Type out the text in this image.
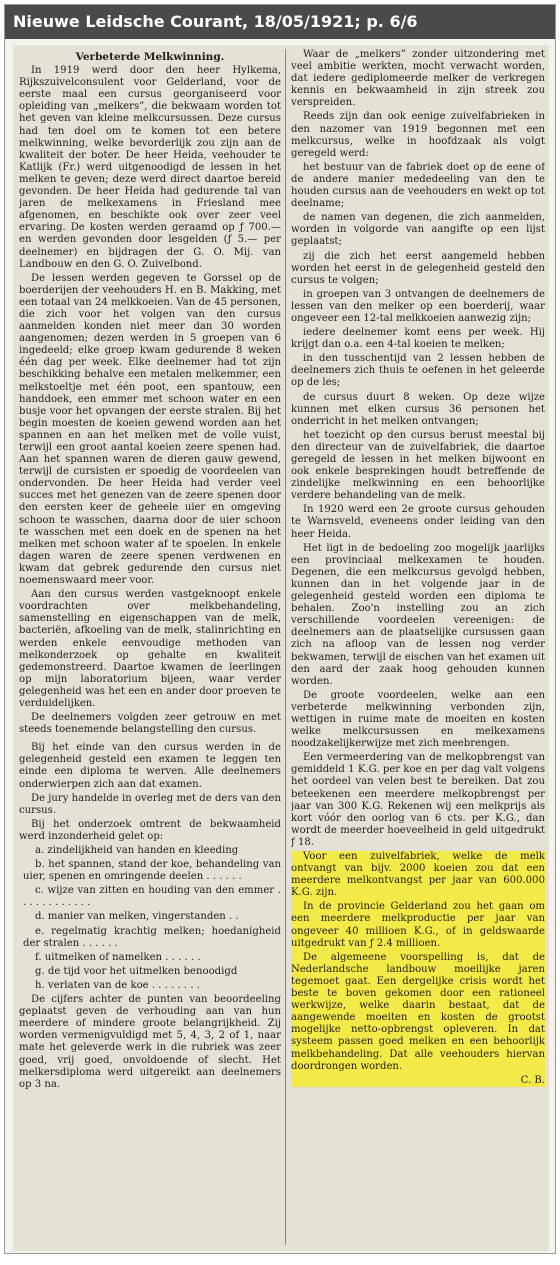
Nieuwe Leidsche Courant, 18/05/1921; p. 6/6

Verbeterde Melkwinning.

In 1919 werd door den heer Hylkema, Rijkszuivelconsulent voor Gelderland, voor de eerste maal een cursus georganiseerd voor opleiding van „melkers”, die bekwaam worden tot het geven van kleine melkcursussen. Deze cursus had ten doel om te komen tot een betere melkwinning, welke bevorderlijk zou zijn aan de kwaliteit der boter. De heer Heida, veehouder te Katlijk (Fr.) werd uitgenoodigd de lessen in het melken te geven; deze werd direct daartoe bereid gevonden. De heer Heida had gedurende tal van jaren de melkexamens in Friesland mee afgenomen, en beschikte ook over zeer veel ervaring. De kosten werden geraamd op ƒ 700.— en werden gevonden door lesgelden (ƒ 5.— per deelnemer) en bijdragen der G. O. Mij. van Landbouw en den G. O. Zuivelbond.

De lessen werden gegeven te Gorssel op de boerderijen der veehouders H. en B. Makking, met een totaal van 24 melkkoeien. Van de 45 personen, die zich voor het volgen van den cursus aanmelden konden niet meer dan 30 worden aangenomen; dezen werden in 5 groepen van 6 ingedeeld; elke groep kwam gedurende 8 weken één dag per week. Elke deelnemer had tot zijn beschikking behalve een metalen melkemmer, een melkstoeltje met één poot, een spantouw, een handdoek, een emmer met schoon water en een busje voor het opvangen der eerste stralen. Bij het begin moesten de koeien gewend worden aan het spannen en aan het melken met de volle vuist, terwijl een groot aantal koeien zeere spenen had. Aan het spannen waren de dieren gauw gewend, terwijl de cursisten er spoedig de voordeelen van ondervonden. De heer Heida had verder veel succes met het genezen van de zeere spenen door den eersten keer de geheele uier en omgeving schoon te wasschen, daarna door de uier schoon te wasschen met een doek en de spenen na het melken met schoon water af te spoelen. In enkele dagen waren de zeere spenen verdwenen en kwam dat gebrek gedurende den cursus niet noemenswaard meer voor.

Aan den cursus werden vastgeknoopt enkele voordrachten over melkbehandeling, samenstelling en eigenschappen van de melk, bacteriën, afkoeling van de melk, stalinrichting en werden enkele eenvoudige methoden van melkonderzoek op gehalte en kwaliteit gedemonstreerd. Daartoe kwamen de leerlingen op mijn laboratorium bijeen, waar verder gelegenheid was het een en ander door proeven te verduidelijken.

De deelnemers volgden zeer getrouw en met steeds toenemende belangstelling den cursus.

Bij het einde van den cursus werden in de gelegenheid gesteld een examen te leggen ten einde een diploma te werven. Alle deelnemers onderwierpen zich aan dat examen.

De jury handelde in overleg met de ders van den cursus.

Bij het onderzoek omtrent de bekwaamheid werd inzonderheid gelet op:

a. zindelijkheid van handen en kleeding

b. het spannen, stand der koe, behandeling van uier, spenen en omringende deelen . . . . . .

c. wijze van zitten en houding van den emmer . . . . . . . . . . . .

d. manier van melken, vingerstanden . .

e. regelmatig krachtig melken; hoedanigheid der stralen . . . . . .

f. uitmelken of namelken . . . . . .

g. de tijd voor het uitmelken benoodigd

h. verlaten van de koe . . . . . . . .

De cijfers achter de punten van beoordeeling geplaatst geven de verhouding aan van hun meerdere of mindere groote belangrijkheid. Zij worden vermenigvuldigd met 5, 4, 3, 2 of 1, naar mate het geleverde werk in die rubriek was zeer goed, vrij goed, onvoldoende of slecht. Het melkersdiploma werd uitgereikt aan deelnemers op 3 na.

Waar de „melkers” zonder uitzondering met veel ambitie werkten, mocht verwacht worden, dat iedere gediplomeerde melker de verkregen kennis en bekwaamheid in zijn streek zou verspreiden.

Reeds zijn dan ook eenige zuivelfabrieken in den nazomer van 1919 begonnen met een melkcursus, welke in hoofdzaak als volgt geregeld werd:

het bestuur van de fabriek doet op de eene of de andere manier mededeeling van den te houden cursus aan de veehouders en wekt op tot deelname;

de namen van degenen, die zich aanmelden, worden in volgorde van aangifte op een lijst geplaatst;

zij die zich het eerst aangemeld hebben worden het eerst in de gelegenheid gesteld den cursus te volgen;

in groepen van 3 ontvangen de deelnemers de lessen van den melker op een boerderij, waar ongeveer een 12-tal melkkoeien aanwezig zijn;

iedere deelnemer komt eens per week. Hij krijgt dan o.a. een 4-tal koeien te melken;

in den tusschentijd van 2 lessen hebben de deelnemers zich thuis te oefenen in het geleerde op de les;

de cursus duurt 8 weken. Op deze wijze kunnen met elken cursus 36 personen het onderricht in het melken ontvangen;

het toezicht op den cursus berust meestal bij den directeur van de zuivelfabriek, die daartoe geregeld de lessen in het melken bijwoont en ook enkele besprekingen houdt betreffende de zindelijke melkwinning en een behoorlijke verdere behandeling van de melk.

In 1920 werd een 2e groote cursus gehouden te Warnsveld, eveneens onder leiding van den heer Heida.

Het ligt in de bedoeling zoo mogelijk jaarlijks een provinciaal melkexamen te houden. Degenen, die een melkcursus gevolgd hebben, kunnen dan in het volgende jaar in de gelegenheid gesteld worden een diploma te behalen. Zoo'n instelling zou an zich verschillende voordeelen vereenigen: de deelnemers aan de plaatselijke cursussen gaan zich na afloop van de lessen nog verder bekwamen, terwijl de eischen van het examen uit den aard der zaak hoog gehouden kunnen worden.

De groote voordeelen, welke aan een verbeterde melkwinning verbonden zijn, wettigen in ruime mate de moeiten en kosten welke melkcursussen en melkexamens noodzakelijkerwijze met zich meebrengen.

Een vermeerdering van de melkopbrengst van gemiddeld 1 K.G. per koe en per dag valt volgens het oordeel van velen best te bereiken. Dat zou beteekenen een meerdere melkopbrengst per jaar van 300 K.G. Rekenen wij een melkprijs als kort vóór den oorlog van 6 cts. per K.G., dan wordt de meerder hoeveelheid in geld uitgedrukt ƒ 18.

Voor een zuivelfabriek, welke de melk ontvangt van bijv. 2000 koeien zou dat een meerdere melkontvangst per jaar van 600.000 K.G. zijn.

In de provincie Gelderland zou het gaan om een meerdere melkproductie per jaar van ongeveer 40 millioen K.G., of in geldswaarde uitgedrukt van ƒ 2.4 millioen.

De algemeene voorspelling is, dat de Nederlandsche landbouw moeilijke jaren tegemoet gaat. Een dergelijke crisis wordt het beste te boven gekomen door een rationeel werkwijze, welke daarin bestaat, dat de aangewende moeiten en kosten de grootst mogelijke netto-opbrengst opleveren. In dat systeem passen goed melken en een behoorlijk melkbehandeling. Dat alle veehouders hiervan doordrongen worden.

C. B.
